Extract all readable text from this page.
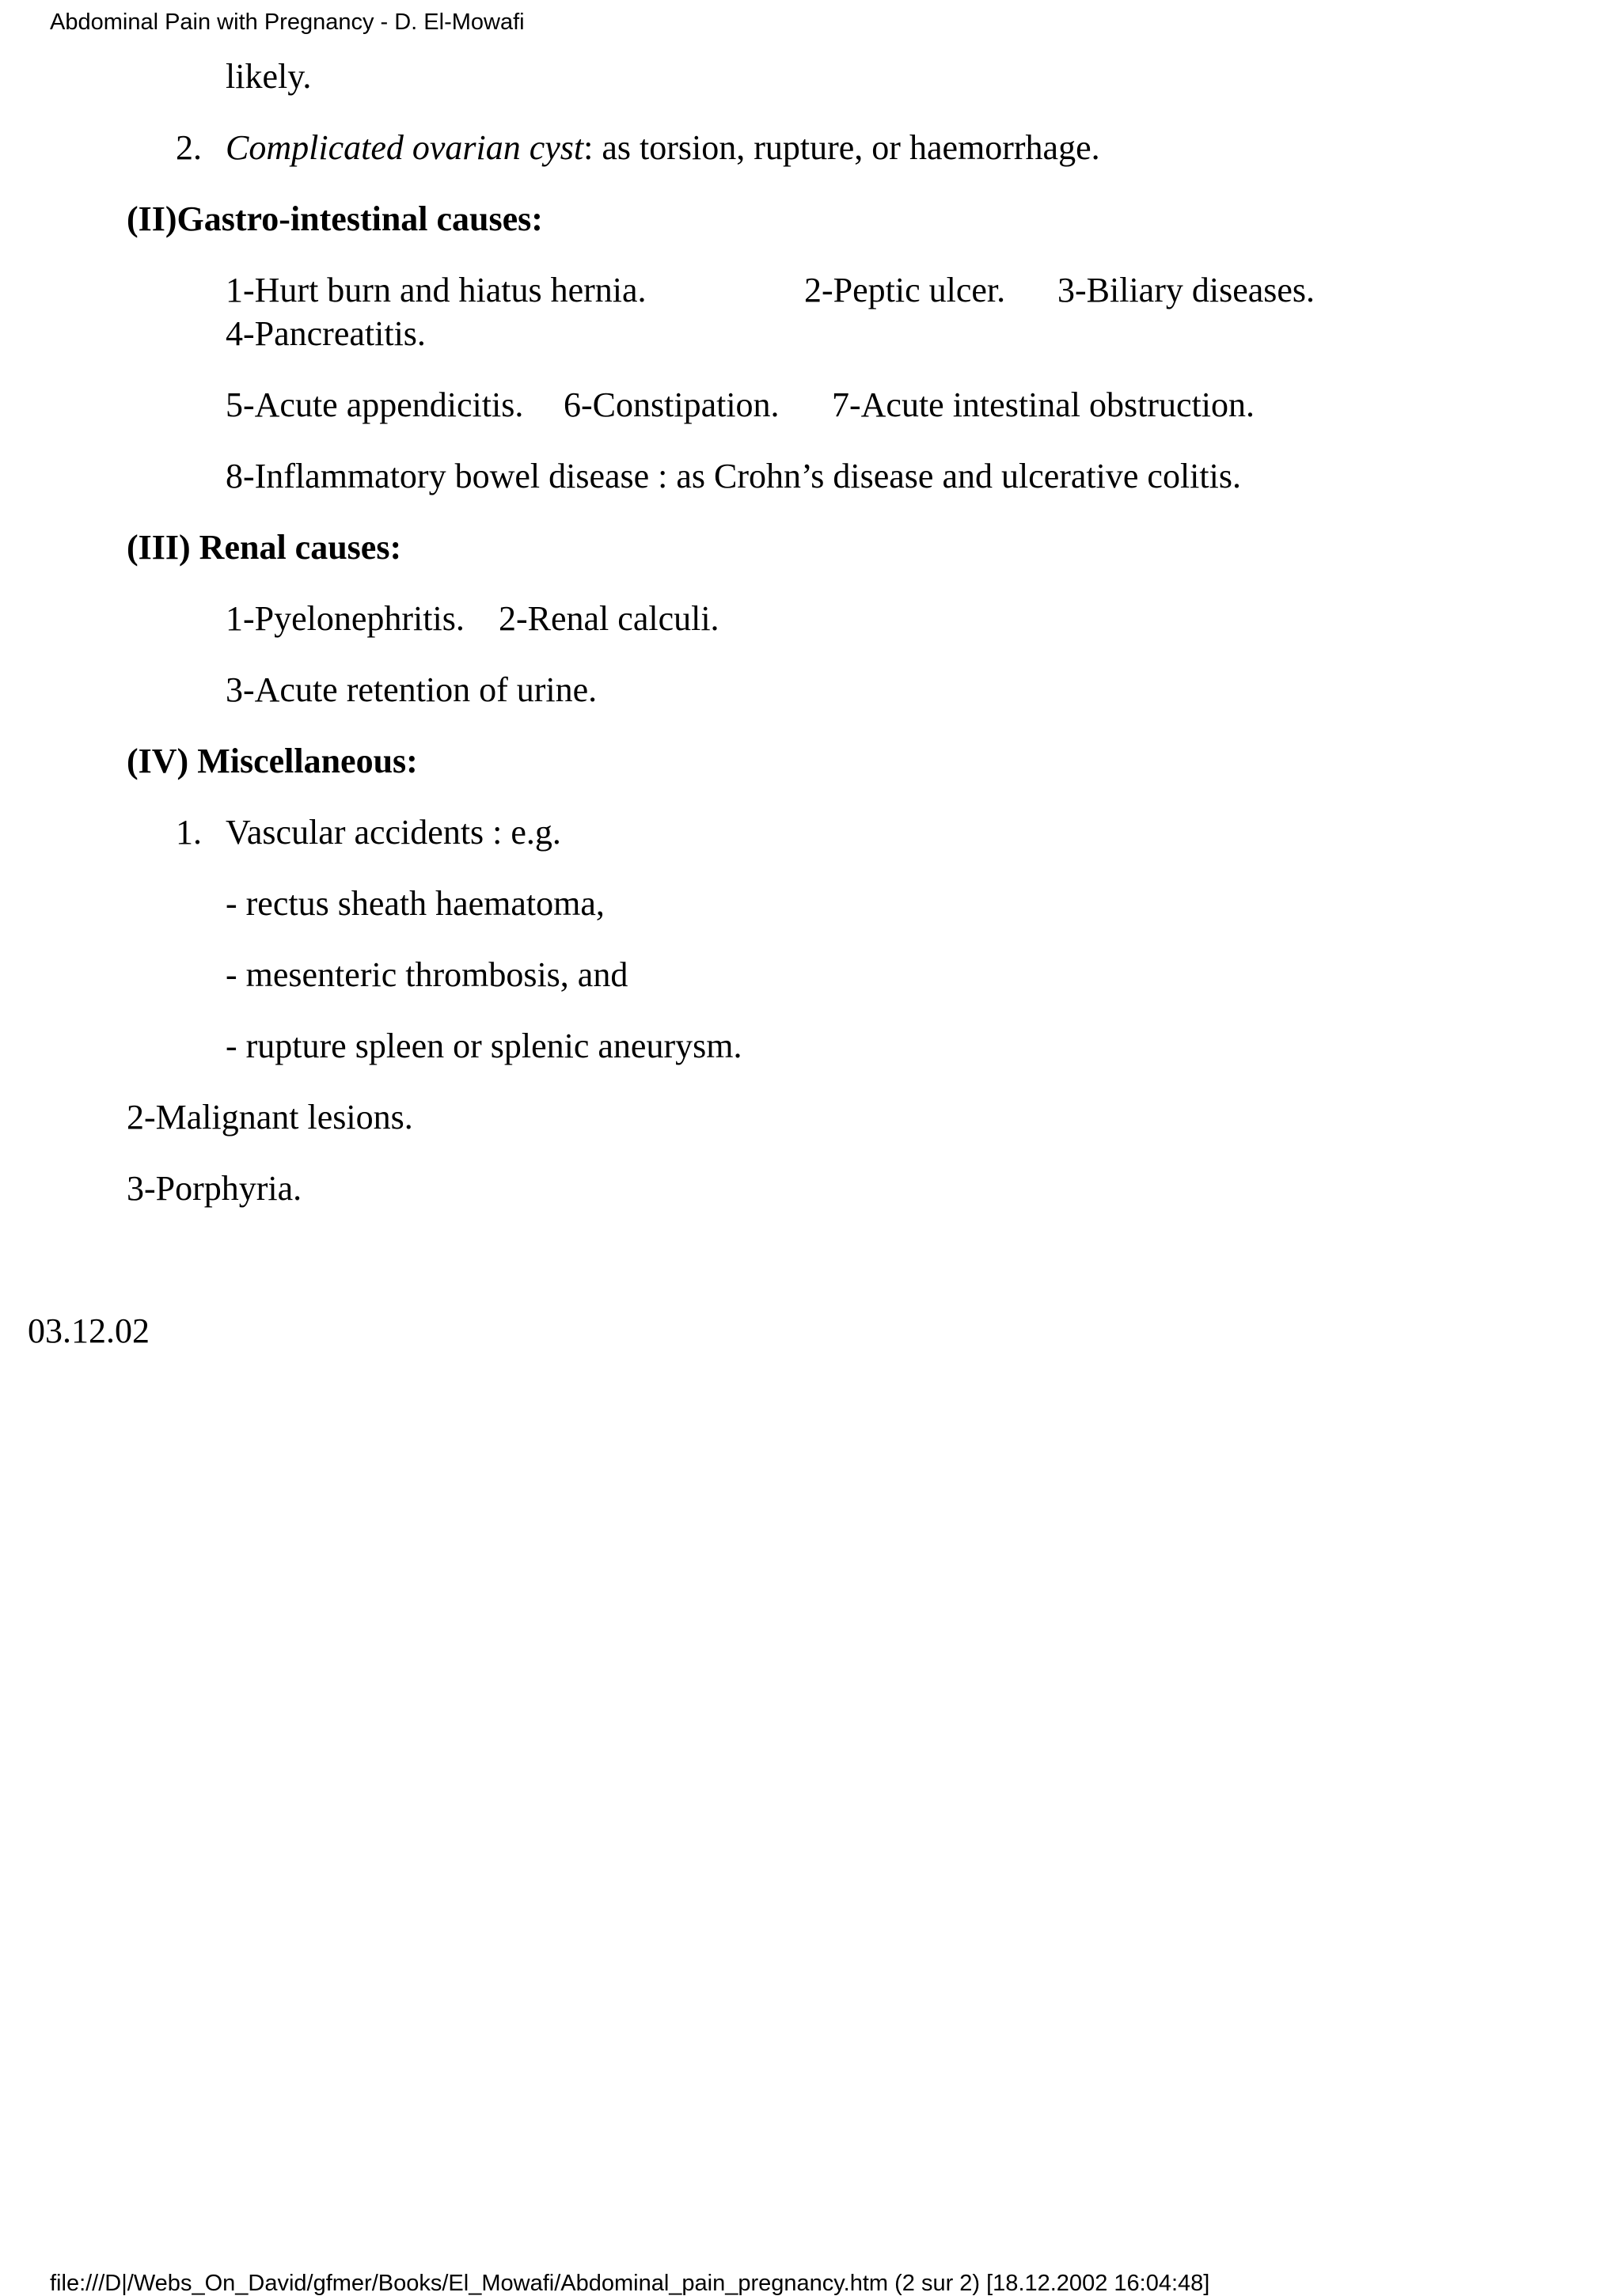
Abdominal Pain with Pregnancy - D. El-Mowafi
likely.
2. Complicated ovarian cyst: as torsion, rupture, or haemorrhage.
(II)Gastro-intestinal causes:
1-Hurt burn and hiatus hernia.	2-Peptic ulcer. 3-Biliary diseases.
4-Pancreatitis.
5-Acute appendicitis. 6-Constipation. 7-Acute intestinal obstruction.
8-Inflammatory bowel disease : as Crohn’s disease and ulcerative colitis.
(III) Renal causes:
1-Pyelonephritis. 2-Renal calculi.
3-Acute retention of urine.
(IV) Miscellaneous:
1. Vascular accidents : e.g.
- rectus sheath haematoma,
- mesenteric thrombosis, and
- rupture spleen or splenic aneurysm.
2-Malignant lesions.
3-Porphyria.
03.12.02
file:///D|/Webs_On_David/gfmer/Books/El_Mowafi/Abdominal_pain_pregnancy.htm (2 sur 2) [18.12.2002 16:04:48]
